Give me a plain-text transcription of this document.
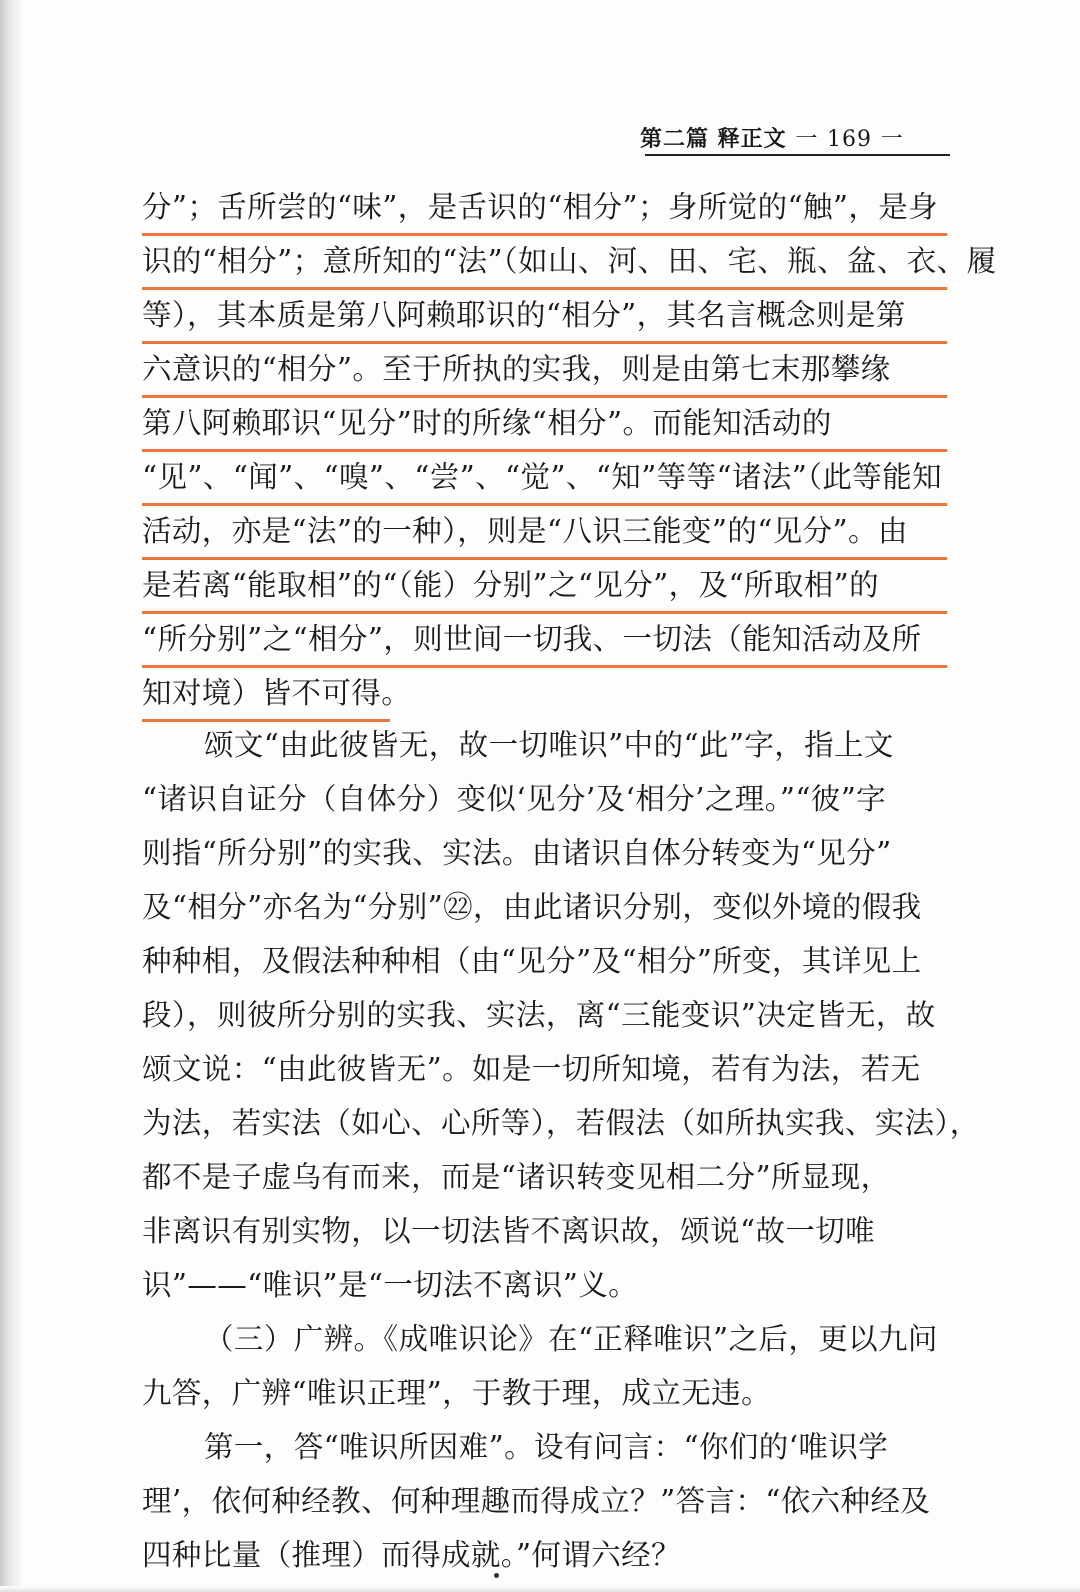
第二篇 释正文 一 169 一
分”；舌所尝的“味”，是舌识的“相分”；身所觉的“触”，是身
识的“相分”；意所知的“法”（如山、河、田、宅、瓶、盆、衣、履
等），其本质是第八阿赖耶识的“相分”，其名言概念则是第
六意识的“相分”。至于所执的实我，则是由第七末那攀缘
第八阿赖耶识“见分”时的所缘“相分”。而能知活动的
“见”、“闻”、“嗅”、“尝”、“觉”、“知”等等“诸法”（此等能知
活动，亦是“法”的一种），则是“八识三能变”的“见分”。由
是若离“能取相”的“（能）分别”之“见分”，及“所取相”的
“所分别”之“相分”，则世间一切我、一切法（能知活动及所
知对境）皆不可得。
颂文“由此彼皆无，故一切唯识”中的“此”字，指上文
“诸识自证分（自体分）变似‘见分’及‘相分’之理。”“彼”字
则指“所分别”的实我、实法。由诸识自体分转变为“见分”
及“相分”亦名为“分别”㉒，由此诸识分别，变似外境的假我
种种相，及假法种种相（由“见分”及“相分”所变，其详见上
段），则彼所分别的实我、实法，离“三能变识”决定皆无，故
颂文说：“由此彼皆无”。如是一切所知境，若有为法，若无
为法，若实法（如心、心所等），若假法（如所执实我、实法），
都不是子虚乌有而来，而是“诸识转变见相二分”所显现，
非离识有别实物，以一切法皆不离识故，颂说“故一切唯
识”——“唯识”是“一切法不离识”义。
（三）广辨。《成唯识论》在“正释唯识”之后，更以九问
九答，广辨“唯识正理”，于教于理，成立无违。
第一，答“唯识所因难”。设有问言：“你们的‘唯识学
理’，依何种经教、何种理趣而得成立？”答言：“依六种经及
四种比量（推理）而得成就。”何谓六经？
